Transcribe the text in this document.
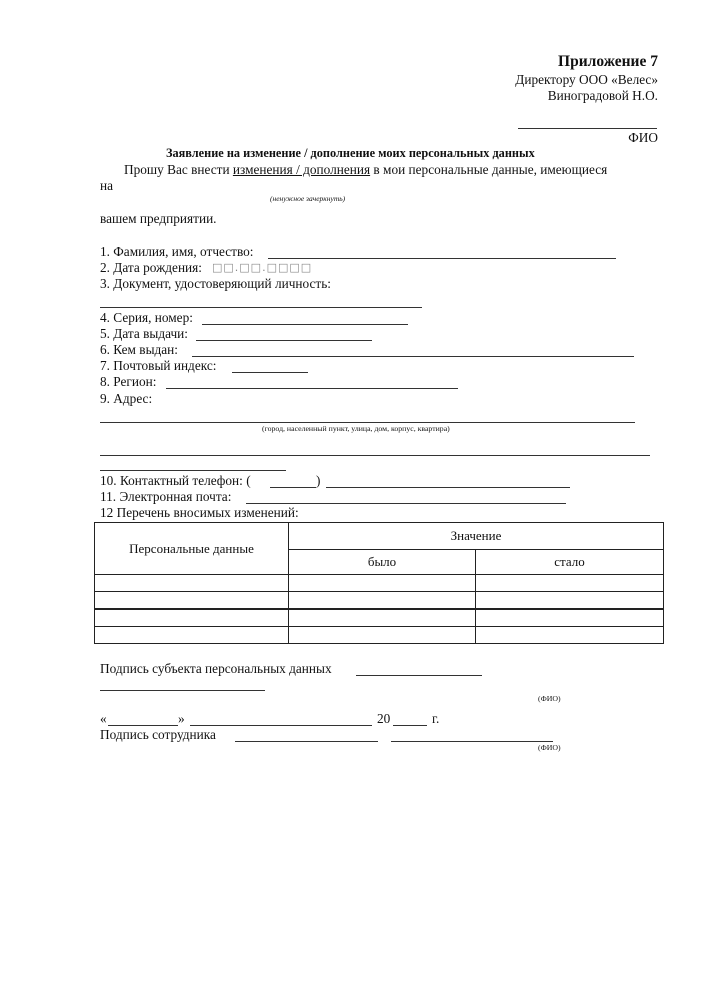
Приложение 7
Директору ООО «Велес»
Виноградовой Н.О.
ФИО
Заявление на изменение / дополнение моих персональных данных
Прошу Вас внести изменения / дополнения в мои персональные данные, имеющиеся
на
(ненужное зачеркнуть)
вашем предприятии.
1. Фамилия, имя, отчество:
2. Дата рождения: □□.□□.□□□□
3. Документ, удостоверяющий личность:
4. Серия, номер:
5. Дата выдачи:
6. Кем выдан:
7. Почтовый индекс:
8. Регион:
9. Адрес:
(город, населенный пункт, улица, дом, корпус, квартира)
10. Контактный телефон: (	)
11. Электронная почта:
12 Перечень вносимых изменений:
Персональные данные	Значение	
	было	стало

Подпись субъекта персональных данных
(ФИО)
«	»	20	г.
Подпись сотрудника
(ФИО)
